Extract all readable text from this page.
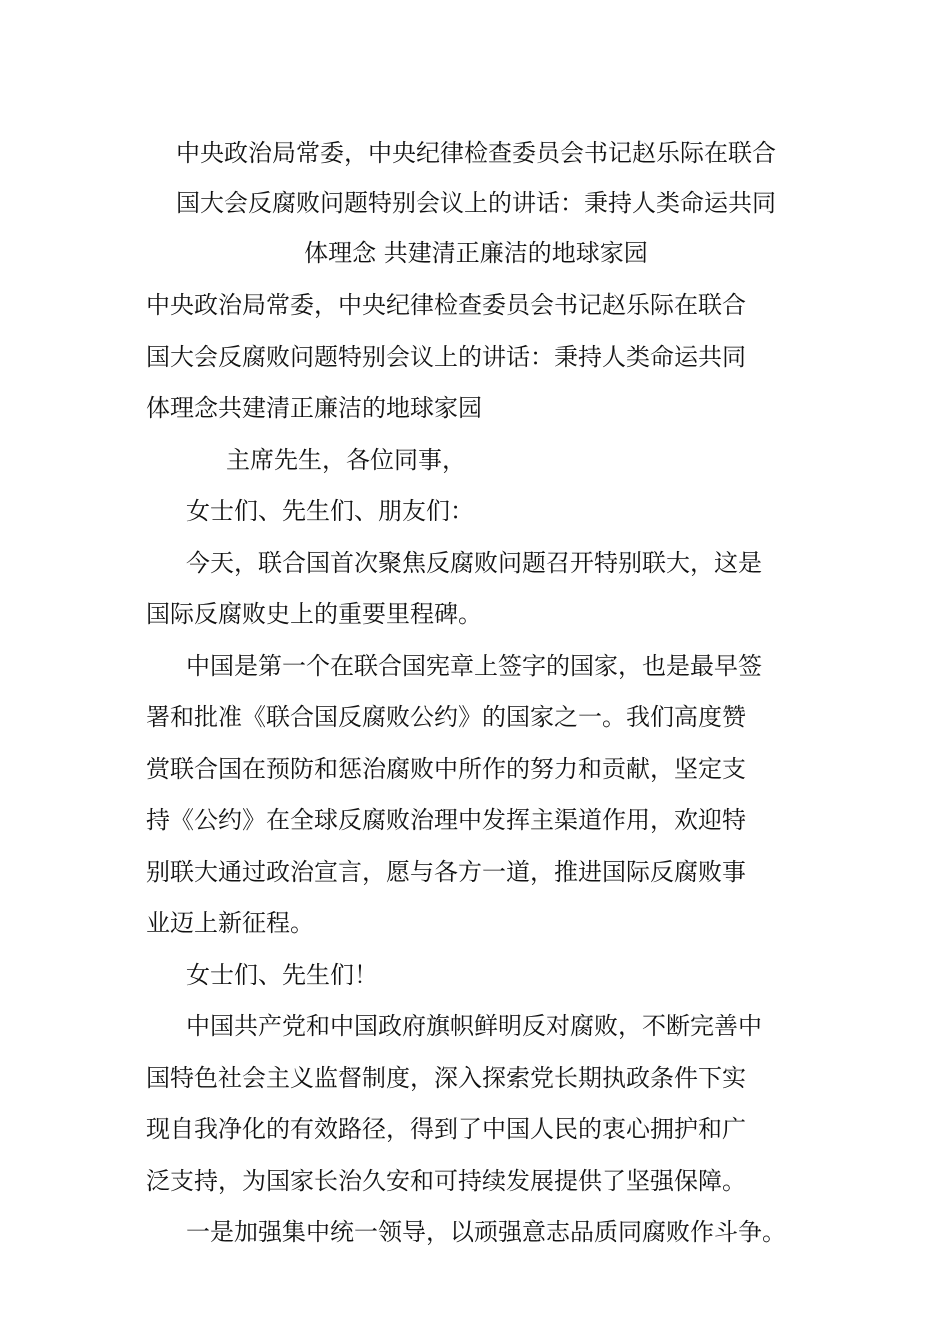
中央政治局常委，中央纪律检查委员会书记赵乐际在联合
国大会反腐败问题特别会议上的讲话：秉持人类命运共同
体理念 共建清正廉洁的地球家园

中央政治局常委，中央纪律检查委员会书记赵乐际在联合
国大会反腐败问题特别会议上的讲话：秉持人类命运共同
体理念共建清正廉洁的地球家园

主席先生，各位同事，

女士们、先生们、朋友们：

今天，联合国首次聚焦反腐败问题召开特别联大，这是
国际反腐败史上的重要里程碑。

中国是第一个在联合国宪章上签字的国家，也是最早签
署和批准《联合国反腐败公约》的国家之一。我们高度赞
赏联合国在预防和惩治腐败中所作的努力和贡献，坚定支
持《公约》在全球反腐败治理中发挥主渠道作用，欢迎特
别联大通过政治宣言，愿与各方一道，推进国际反腐败事
业迈上新征程。

女士们、先生们！

中国共产党和中国政府旗帜鲜明反对腐败，不断完善中
国特色社会主义监督制度，深入探索党长期执政条件下实
现自我净化的有效路径，得到了中国人民的衷心拥护和广
泛支持，为国家长治久安和可持续发展提供了坚强保障。

一是加强集中统一领导，以顽强意志品质同腐败作斗争。
